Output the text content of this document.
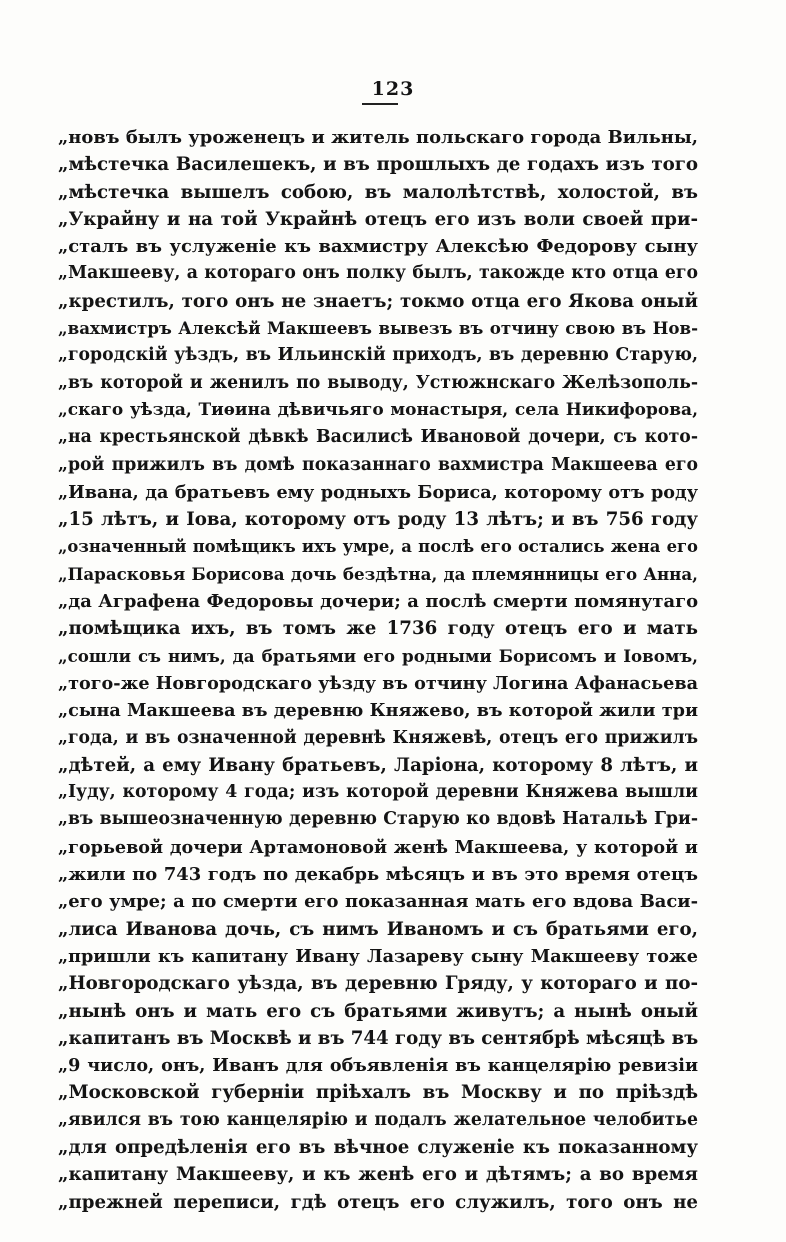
123
„новъ былъ уроженецъ и житель польскаго города Вильны,
„мѣстечка Василешекъ, и въ прошлыхъ де годахъ изъ того
„мѣстечка вышелъ собою, въ малолѣтствѣ, холостой, въ
„Украйну и на той Украйнѣ отецъ его изъ воли своей при-
„сталъ въ услуженіе къ вахмистру Алексѣю Федорову сыну
„Макшееву, а котораго онъ полку былъ, такожде кто отца его
„крестилъ, того онъ не знаетъ; токмо отца его Якова оный
„вахмистръ Алексѣй Макшеевъ вывезъ въ отчину свою въ Нов-
„городскій уѣздъ, въ Ильинскій приходъ, въ деревню Старую,
„въ которой и женилъ по выводу, Устюжнскаго Желѣзополь-
„скаго уѣзда, Тиѳина дѣвичьяго монастыря, села Никифорова,
„на крестьянской дѣвкѣ Василисѣ Ивановой дочери, съ кото-
„рой прижилъ въ домѣ показаннаго вахмистра Макшеева его
„Ивана, да братьевъ ему родныхъ Бориса, которому отъ роду
„15 лѣтъ, и Іова, которому отъ роду 13 лѣтъ; и въ 756 году
„означенный помѣщикъ ихъ умре, а послѣ его остались жена его
„Парасковья Борисова дочь бездѣтна, да племянницы его Анна,
„да Аграфена Федоровы дочери; а послѣ смерти помянутаго
„помѣщика ихъ, въ томъ же 1736 году отецъ его и мать
„сошли съ нимъ, да братьями его родными Борисомъ и Іовомъ,
„того-же Новгородскаго уѣзду въ отчину Логина Афанасьева
„сына Макшеева въ деревню Княжево, въ которой жили три
„года, и въ означенной деревнѣ Княжевѣ, отецъ его прижилъ
„дѣтей, а ему Ивану братьевъ, Ларіона, которому 8 лѣтъ, и
„Іуду, которому 4 года; изъ которой деревни Княжева вышли
„въ вышеозначенную деревню Старую ко вдовѣ Натальѣ Гри-
„горьевой дочери Артамоновой женѣ Макшеева, у которой и
„жили по 743 годъ по декабрь мѣсяцъ и въ это время отецъ
„его умре; а по смерти его показанная мать его вдова Васи-
„лиса Иванова дочь, съ нимъ Иваномъ и съ братьями его,
„пришли къ капитану Ивану Лазареву сыну Макшееву тоже
„Новгородскаго уѣзда, въ деревню Гряду, у котораго и по-
„нынѣ онъ и мать его съ братьями живутъ; а нынѣ оный
„капитанъ въ Москвѣ и въ 744 году въ сентябрѣ мѣсяцѣ въ
„9 число, онъ, Иванъ для объявленія въ канцелярію ревизіи
„Московской губерніи пріѣхалъ въ Москву и по пріѣздѣ
„явился въ тою канцелярію и подалъ желательное челобитье
„для опредѣленія его въ вѣчное служеніе къ показанному
„капитану Макшееву, и къ женѣ его и дѣтямъ; а во время
„прежней переписи, гдѣ отецъ его служилъ, того онъ не
